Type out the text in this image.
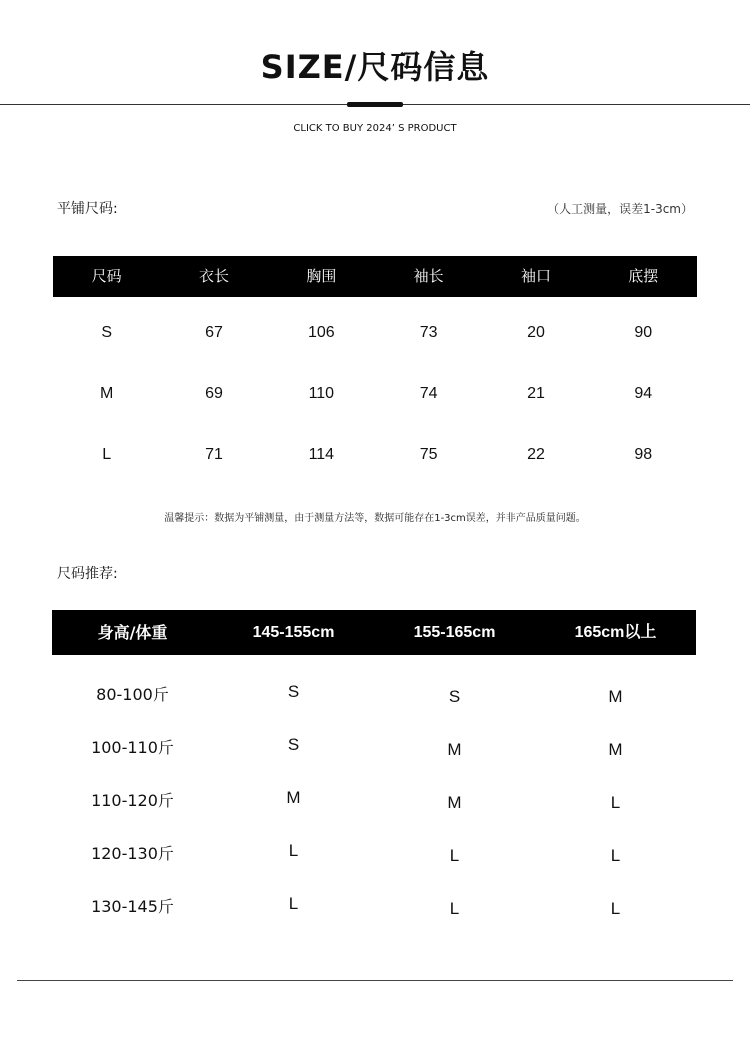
SIZE/尺码信息
CLICK TO BUY 2024’ S PRODUCT
平铺尺码:	（人工测量，误差1-3cm）
尺码	衣长	胸围	袖长	袖口	底摆
S	67	106	73	20	90
M	69	110	74	21	94
L	71	114	75	22	98
温馨提示：数据为平铺测量，由于测量方法等，数据可能存在1-3cm误差，并非产品质量问题。
尺码推荐:
身高/体重	145-155cm	155-165cm	165cm以上
80-100斤	S	S	M
100-110斤	S	M	M
110-120斤	M	M	L
120-130斤	L	L	L
130-145斤	L	L	L
